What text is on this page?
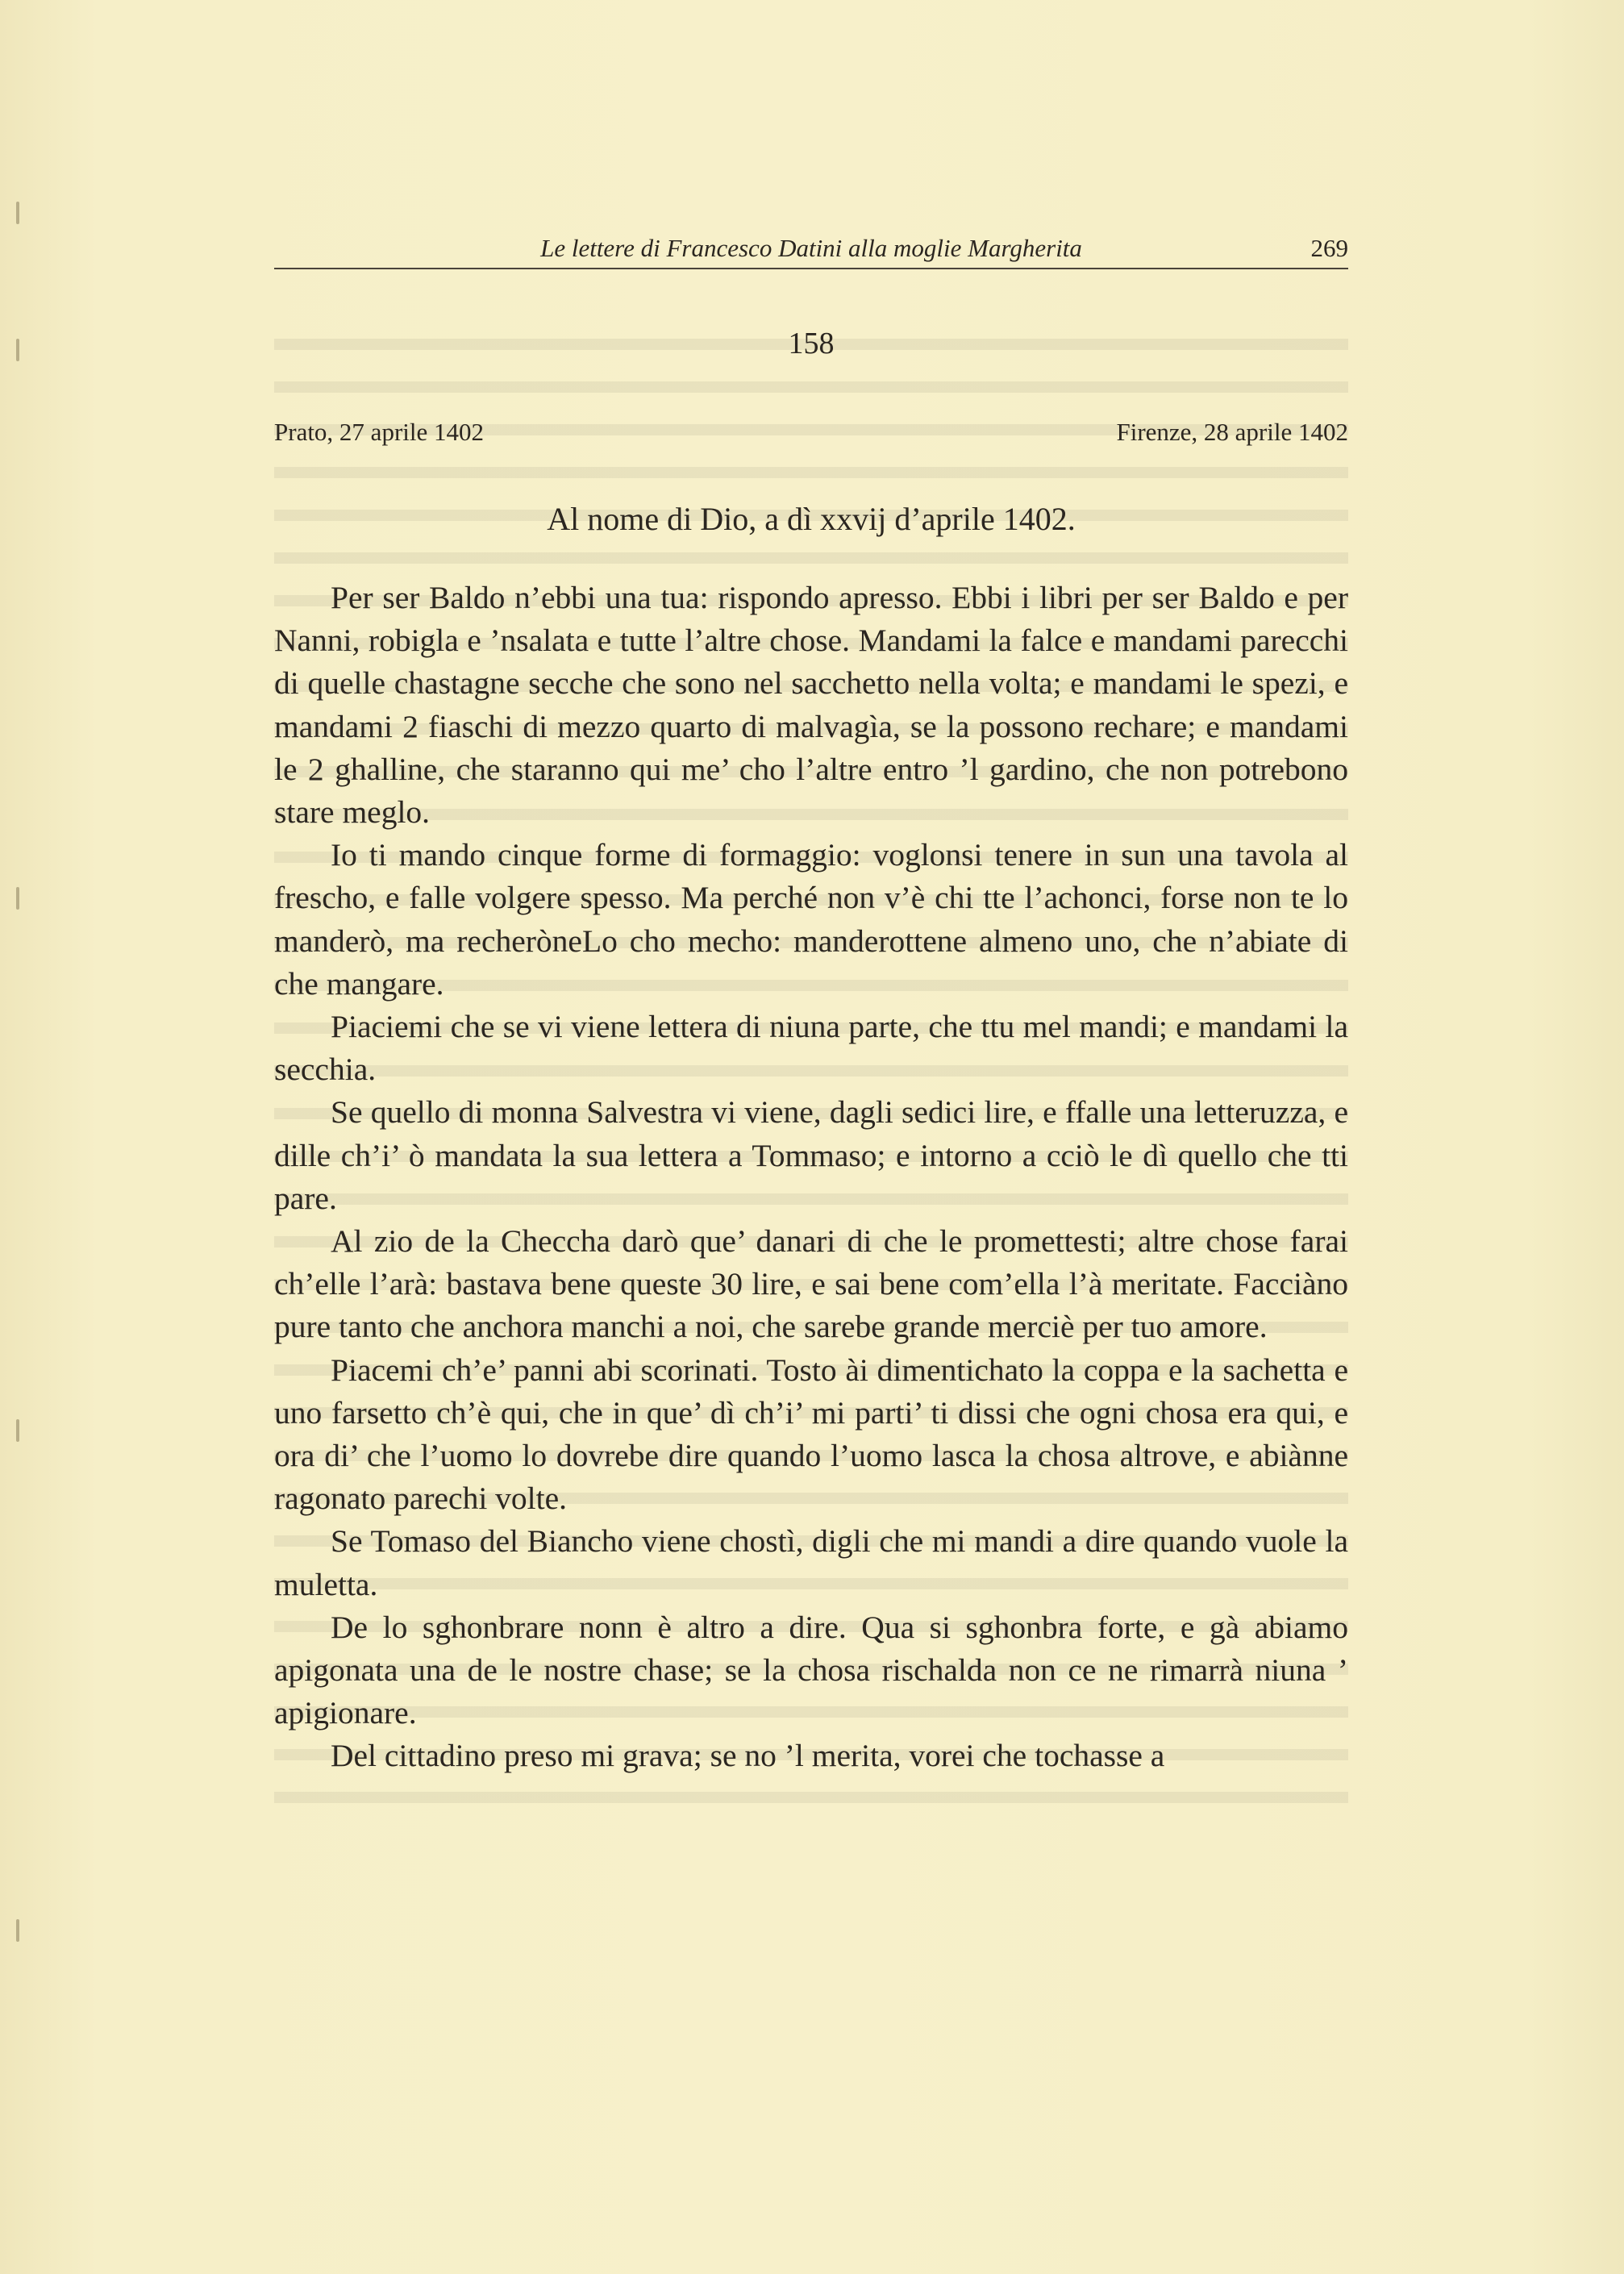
Le lettere di Francesco Datini alla moglie Margherita	269
158
Prato, 27 aprile 1402	Firenze, 28 aprile 1402
Al nome di Dio, a dì xxvij d’aprile 1402.

Per ser Baldo n’ebbi una tua: rispondo apresso. Ebbi i libri per ser Baldo e per Nanni, robigla e ’nsalata e tutte l’altre chose. Mandami la falce e mandami parecchi di quelle chastagne secche che sono nel sacchetto nella volta; e mandami le spezi, e mandami 2 fiaschi di mezzo quarto di malvagìa, se la possono rechare; e mandami le 2 ghalline, che staranno qui me’ cho l’altre entro ’l gardino, che non potrebono stare meglo.

Io ti mando cinque forme di formaggio: voglonsi tenere in sun una tavola al frescho, e falle volgere spesso. Ma perché non v’è chi tte l’achonci, forse non te lo manderò, ma recheròneLo cho mecho: manderottene almeno uno, che n’abiate di che mangare.

Piaciemi che se vi viene lettera di niuna parte, che ttu mel mandi; e mandami la secchia.

Se quello di monna Salvestra vi viene, dagli sedici lire, e ffalle una letteruzza, e dille ch’i’ ò mandata la sua lettera a Tommaso; e intorno a cciò le dì quello che tti pare.

Al zio de la Checcha darò que’ danari di che le promettesti; altre chose farai ch’elle l’arà: bastava bene queste 30 lire, e sai bene com’ella l’à meritate. Facciàno pure tanto che anchora manchi a noi, che sarebe grande merciè per tuo amore.

Piacemi ch’e’ panni abi scorinati. Tosto ài dimentichato la coppa e la sachetta e uno farsetto ch’è qui, che in que’ dì ch’i’ mi parti’ ti dissi che ogni chosa era qui, e ora di’ che l’uomo lo dovrebe dire quando l’uomo lasca la chosa altrove, e abiànne ragonato parechi volte.

Se Tomaso del Biancho viene chostì, digli che mi mandi a dire quando vuole la muletta.

De lo sghonbrare nonn è altro a dire. Qua si sghonbra forte, e gà abiamo apigonata una de le nostre chase; se la chosa rischalda non ce ne rimarrà niuna ’ apigionare.

Del cittadino preso mi grava; se no ’l merita, vorei che tochasse a
